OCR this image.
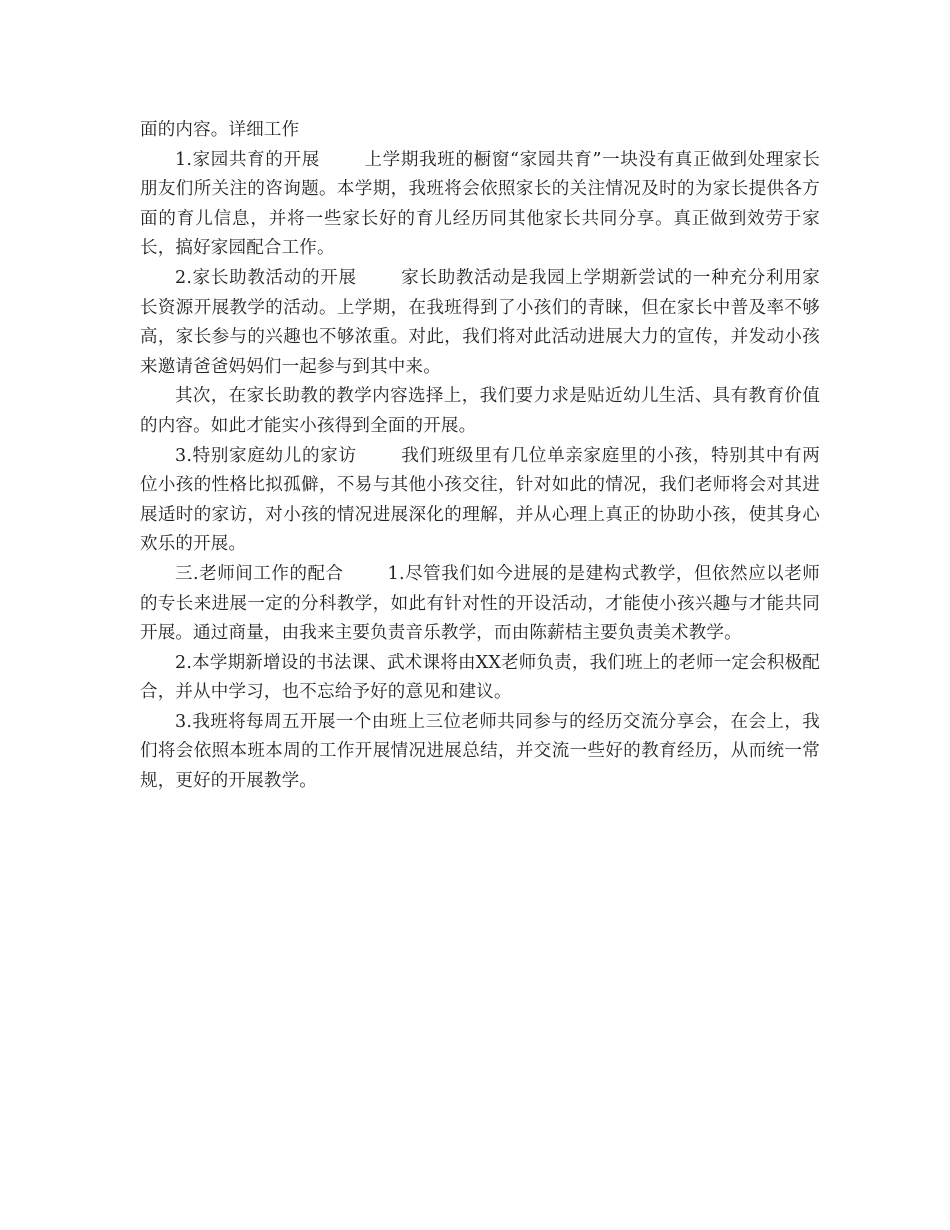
面的内容。详细工作

1.家园共育的开展	上学期我班的橱窗“家园共育”一块没有真正做到处理家长朋友们所关注的咨询题。本学期，我班将会依照家长的关注情况及时的为家长提供各方面的育儿信息，并将一些家长好的育儿经历同其他家长共同分享。真正做到效劳于家长，搞好家园配合工作。

2.家长助教活动的开展	家长助教活动是我园上学期新尝试的一种充分利用家长资源开展教学的活动。上学期，在我班得到了小孩们的青睐，但在家长中普及率不够高，家长参与的兴趣也不够浓重。对此，我们将对此活动进展大力的宣传，并发动小孩来邀请爸爸妈妈们一起参与到其中来。

其次，在家长助教的教学内容选择上，我们要力求是贴近幼儿生活、具有教育价值的内容。如此才能实小孩得到全面的开展。

3.特别家庭幼儿的家访	我们班级里有几位单亲家庭里的小孩，特别其中有两位小孩的性格比拟孤僻，不易与其他小孩交往，针对如此的情况，我们老师将会对其进展适时的家访，对小孩的情况进展深化的理解，并从心理上真正的协助小孩，使其身心欢乐的开展。

三.老师间工作的配合	1.尽管我们如今进展的是建构式教学，但依然应以老师的专长来进展一定的分科教学，如此有针对性的开设活动，才能使小孩兴趣与才能共同开展。通过商量，由我来主要负责音乐教学，而由陈薪桔主要负责美术教学。

2.本学期新增设的书法课、武术课将由XX老师负责，我们班上的老师一定会积极配合，并从中学习，也不忘给予好的意见和建议。

3.我班将每周五开展一个由班上三位老师共同参与的经历交流分享会，在会上，我们将会依照本班本周的工作开展情况进展总结，并交流一些好的教育经历，从而统一常规，更好的开展教学。
